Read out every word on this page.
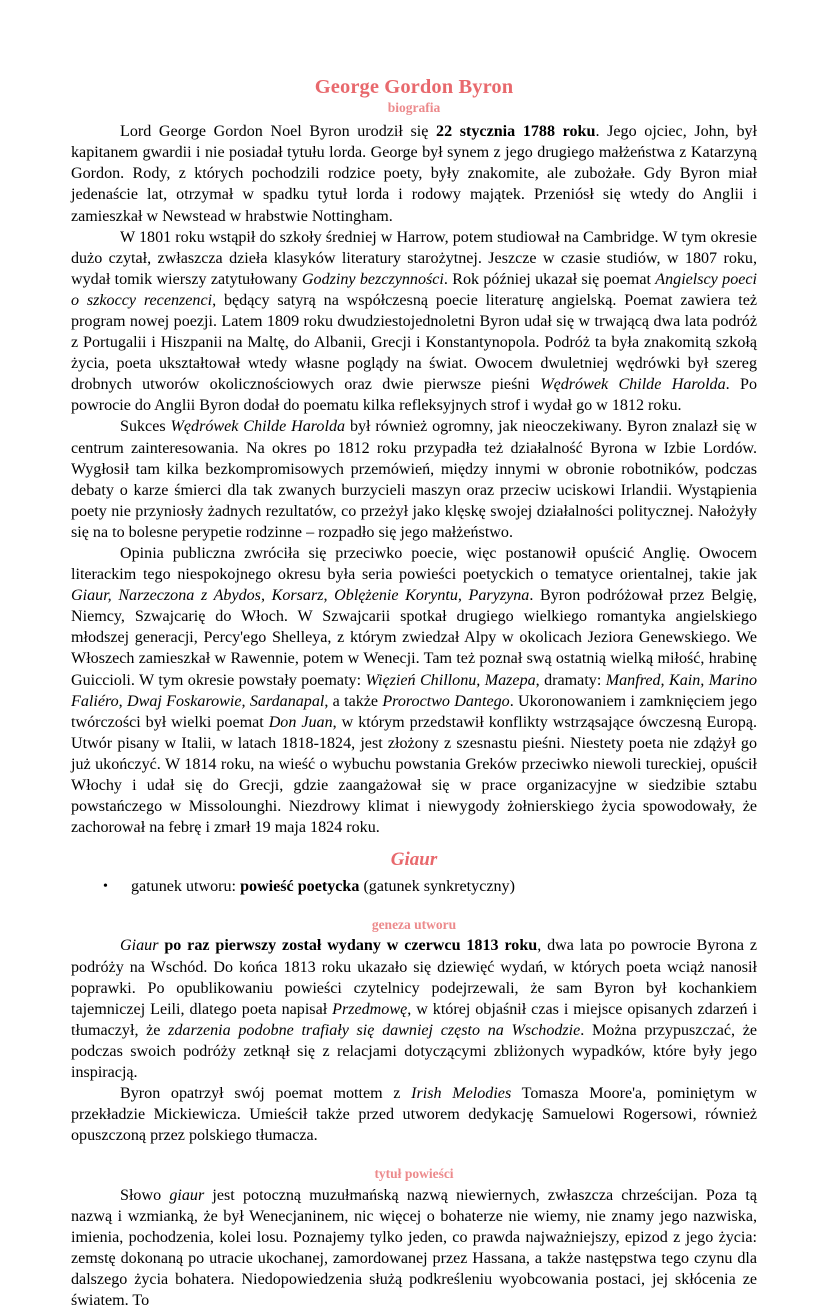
George Gordon Byron
biografia

Lord George Gordon Noel Byron urodził się 22 stycznia 1788 roku. Jego ojciec, John, był kapitanem gwardii i nie posiadał tytułu lorda. George był synem z jego drugiego małżeństwa z Katarzyną Gordon. Rody, z których pochodzili rodzice poety, były znakomite, ale zubożałe. Gdy Byron miał jedenaście lat, otrzymał w spadku tytuł lorda i rodowy majątek. Przeniósł się wtedy do Anglii i zamieszkał w Newstead w hrabstwie Nottingham.

W 1801 roku wstąpił do szkoły średniej w Harrow, potem studiował na Cambridge. W tym okresie dużo czytał, zwłaszcza dzieła klasyków literatury starożytnej. Jeszcze w czasie studiów, w 1807 roku, wydał tomik wierszy zatytułowany Godziny bezczynności. Rok później ukazał się poemat Angielscy poeci o szkoccy recenzenci, będący satyrą na współczesną poecie literaturę angielską. Poemat zawiera też program nowej poezji. Latem 1809 roku dwudziestojednoletni Byron udał się w trwającą dwa lata podróż z Portugalii i Hiszpanii na Maltę, do Albanii, Grecji i Konstantynopola. Podróż ta była znakomitą szkołą życia, poeta ukształtował wtedy własne poglądy na świat. Owocem dwuletniej wędrówki był szereg drobnych utworów okolicznościowych oraz dwie pierwsze pieśni Wędrówek Childe Harolda. Po powrocie do Anglii Byron dodał do poematu kilka refleksyjnych strof i wydał go w 1812 roku.

Sukces Wędrówek Childe Harolda był również ogromny, jak nieoczekiwany. Byron znalazł się w centrum zainteresowania. Na okres po 1812 roku przypadła też działalność Byrona w Izbie Lordów. Wygłosił tam kilka bezkompromisowych przemówień, między innymi w obronie robotników, podczas debaty o karze śmierci dla tak zwanych burzycieli maszyn oraz przeciw uciskowi Irlandii. Wystąpienia poety nie przyniosły żadnych rezultatów, co przeżył jako klęskę swojej działalności politycznej. Nałożyły się na to bolesne perypetie rodzinne – rozpadło się jego małżeństwo.

Opinia publiczna zwróciła się przeciwko poecie, więc postanowił opuścić Anglię. Owocem literackim tego niespokojnego okresu była seria powieści poetyckich o tematyce orientalnej, takie jak Giaur, Narzeczona z Abydos, Korsarz, Oblężenie Koryntu, Paryzyna. Byron podróżował przez Belgię, Niemcy, Szwajcarię do Włoch. W Szwajcarii spotkał drugiego wielkiego romantyka angielskiego młodszej generacji, Percy'ego Shelleya, z którym zwiedzał Alpy w okolicach Jeziora Genewskiego. We Włoszech zamieszkał w Rawennie, potem w Wenecji. Tam też poznał swą ostatnią wielką miłość, hrabinę Guiccioli. W tym okresie powstały poematy: Więzień Chillonu, Mazepa, dramaty: Manfred, Kain, Marino Faliéro, Dwaj Foskarowie, Sardanapal, a także Proroctwo Dantego. Ukoronowaniem i zamknięciem jego twórczości był wielki poemat Don Juan, w którym przedstawił konflikty wstrząsające ówczesną Europą. Utwór pisany w Italii, w latach 1818-1824, jest złożony z szesnastu pieśni. Niestety poeta nie zdążył go już ukończyć. W 1814 roku, na wieść o wybuchu powstania Greków przeciwko niewoli tureckiej, opuścił Włochy i udał się do Grecji, gdzie zaangażował się w prace organizacyjne w siedzibie sztabu powstańczego w Missolounghi. Niezdrowy klimat i niewygody żołnierskiego życia spowodowały, że zachorował na febrę i zmarł 19 maja 1824 roku.

Giaur
• gatunek utworu: powieść poetycka (gatunek synkretyczny)
geneza utworu

Giaur po raz pierwszy został wydany w czerwcu 1813 roku, dwa lata po powrocie Byrona z podróży na Wschód. Do końca 1813 roku ukazało się dziewięć wydań, w których poeta wciąż nanosił poprawki. Po opublikowaniu powieści czytelnicy podejrzewali, że sam Byron był kochankiem tajemniczej Leili, dlatego poeta napisał Przedmowę, w której objaśnił czas i miejsce opisanych zdarzeń i tłumaczył, że zdarzenia podobne trafiały się dawniej często na Wschodzie. Można przypuszczać, że podczas swoich podróży zetknął się z relacjami dotyczącymi zbliżonych wypadków, które były jego inspiracją.

Byron opatrzył swój poemat mottem z Irish Melodies Tomasza Moore'a, pominiętym w przekładzie Mickiewicza. Umieścił także przed utworem dedykację Samuelowi Rogersowi, również opuszczoną przez polskiego tłumacza.

tytuł powieści

Słowo giaur jest potoczną muzułmańską nazwą niewiernych, zwłaszcza chrześcijan. Poza tą nazwą i wzmianką, że był Wenecjaninem, nic więcej o bohaterze nie wiemy, nie znamy jego nazwiska, imienia, pochodzenia, kolei losu. Poznajemy tylko jeden, co prawda najważniejszy, epizod z jego życia: zemstę dokonaną po utracie ukochanej, zamordowanej przez Hassana, a także następstwa tego czynu dla dalszego życia bohatera. Niedopowiedzenia służą podkreśleniu wyobcowania postaci, jej skłócenia ze światem. To
